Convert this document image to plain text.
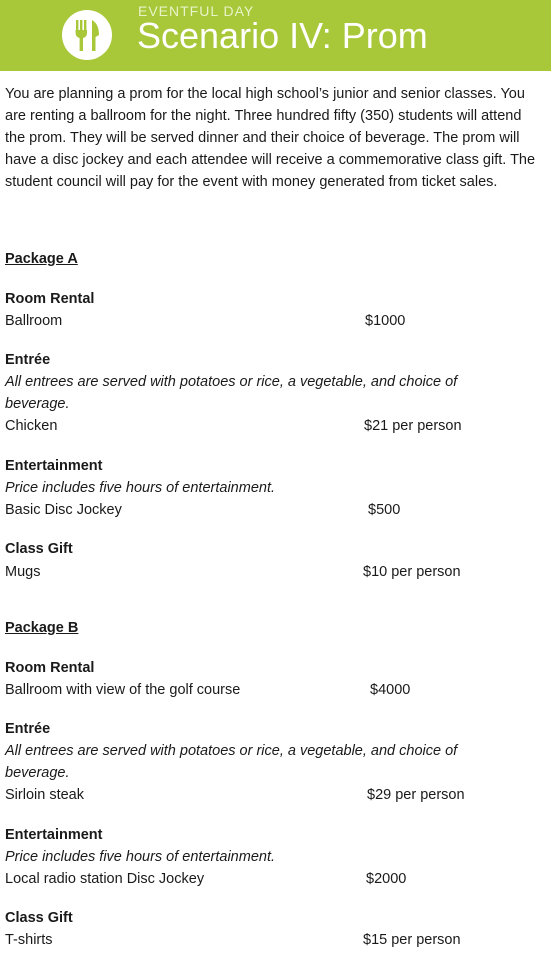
EVENTFUL DAY
Scenario IV: Prom

You are planning a prom for the local high school’s junior and senior classes. You are renting a ballroom for the night. Three hundred fifty (350) students will attend the prom. They will be served dinner and their choice of beverage. The prom will have a disc jockey and each attendee will receive a commemorative class gift. The student council will pay for the event with money generated from ticket sales.

Package A
Room Rental
Ballroom	$1000
Entrée
All entrees are served with potatoes or rice, a vegetable, and choice of beverage.
Chicken	$21 per person
Entertainment
Price includes five hours of entertainment.
Basic Disc Jockey	$500
Class Gift
Mugs	$10 per person
Package B
Room Rental
Ballroom with view of the golf course	$4000
Entrée
All entrees are served with potatoes or rice, a vegetable, and choice of beverage.
Sirloin steak	$29 per person
Entertainment
Price includes five hours of entertainment.
Local radio station Disc Jockey	$2000
Class Gift
T-shirts	$15 per person
